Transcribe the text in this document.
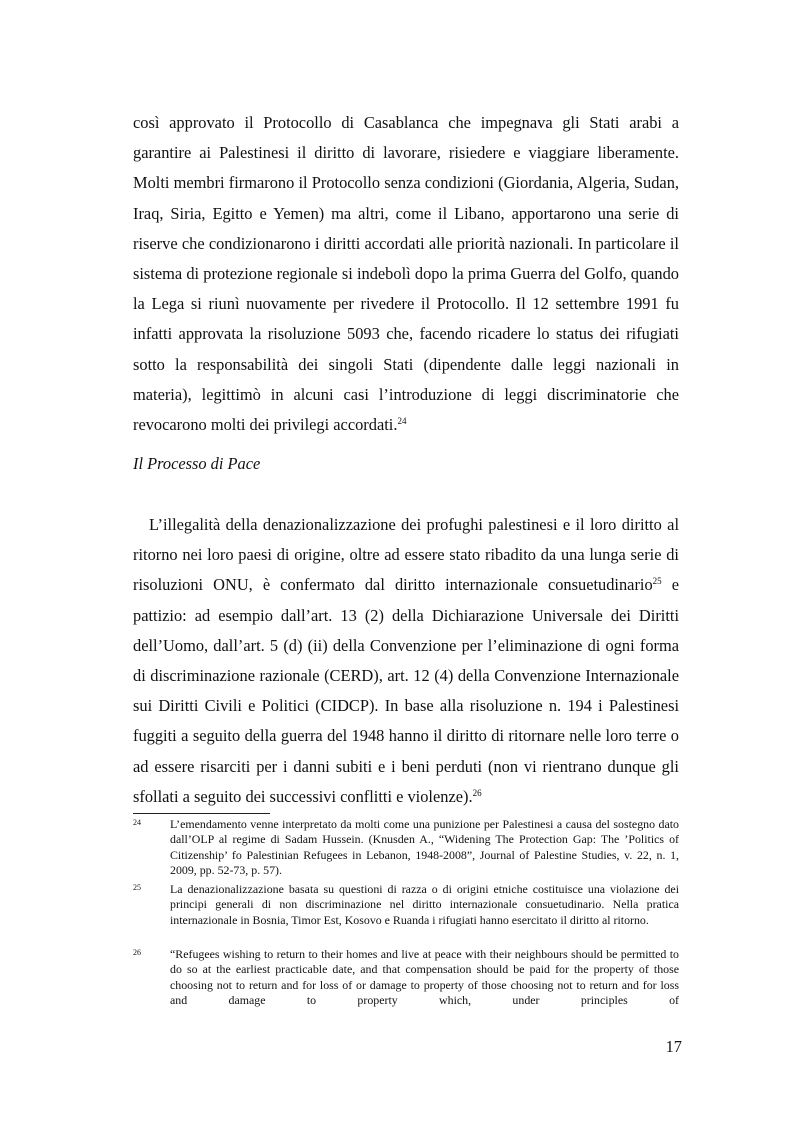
così approvato il Protocollo di Casablanca che impegnava gli Stati arabi a garantire ai Palestinesi il diritto di lavorare, risiedere e viaggiare liberamente. Molti membri firmarono il Protocollo senza condizioni (Giordania, Algeria, Sudan, Iraq, Siria, Egitto e Yemen) ma altri, come il Libano, apportarono una serie di riserve che condizionarono i diritti accordati alle priorità nazionali. In particolare il sistema di protezione regionale si indebolì dopo la prima Guerra del Golfo, quando la Lega si riunì nuovamente per rivedere il Protocollo. Il 12 settembre 1991 fu infatti approvata la risoluzione 5093 che, facendo ricadere lo status dei rifugiati sotto la responsabilità dei singoli Stati (dipendente dalle leggi nazionali in materia), legittimò in alcuni casi l’introduzione di leggi discriminatorie che revocarono molti dei privilegi accordati.$^{24}$

Il Processo di Pace

L’illegalità della denazionalizzazione dei profughi palestinesi e il loro diritto al ritorno nei loro paesi di origine, oltre ad essere stato ribadito da una lunga serie di risoluzioni ONU, è confermato dal diritto internazionale consuetudinario$^{25}$ e pattizio: ad esempio dall’art. 13 (2) della Dichiarazione Universale dei Diritti dell’Uomo, dall’art. 5 (d) (ii) della Convenzione per l’eliminazione di ogni forma di discriminazione razionale (CERD), art. 12 (4) della Convenzione Internazionale sui Diritti Civili e Politici (CIDCP). In base alla risoluzione n. 194 i Palestinesi fuggiti a seguito della guerra del 1948 hanno il diritto di ritornare nelle loro terre o ad essere risarciti per i danni subiti e i beni perduti (non vi rientrano dunque gli sfollati a seguito dei successivi conflitti e violenze).$^{26}$

24 L’emendamento venne interpretato da molti come una punizione per Palestinesi a causa del sostegno dato dall’OLP al regime di Sadam Hussein. (Knusden A., “Widening The Protection Gap: The ’Politics of Citizenship’ fo Palestinian Refugees in Lebanon, 1948-2008”, Journal of Palestine Studies, v. 22, n. 1, 2009, pp. 52-73, p. 57).
25 La denazionalizzazione basata su questioni di razza o di origini etniche costituisce una violazione dei principi generali di non discriminazione nel diritto internazionale consuetudinario. Nella pratica internazionale in Bosnia, Timor Est, Kosovo e Ruanda i rifugiati hanno esercitato il diritto al ritorno.
26 “Refugees wishing to return to their homes and live at peace with their neighbours should be permitted to do so at the earliest practicable date, and that compensation should be paid for the property of those choosing not to return and for loss of or damage to property of those choosing not to return and for loss and damage to property which, under principles of
17
